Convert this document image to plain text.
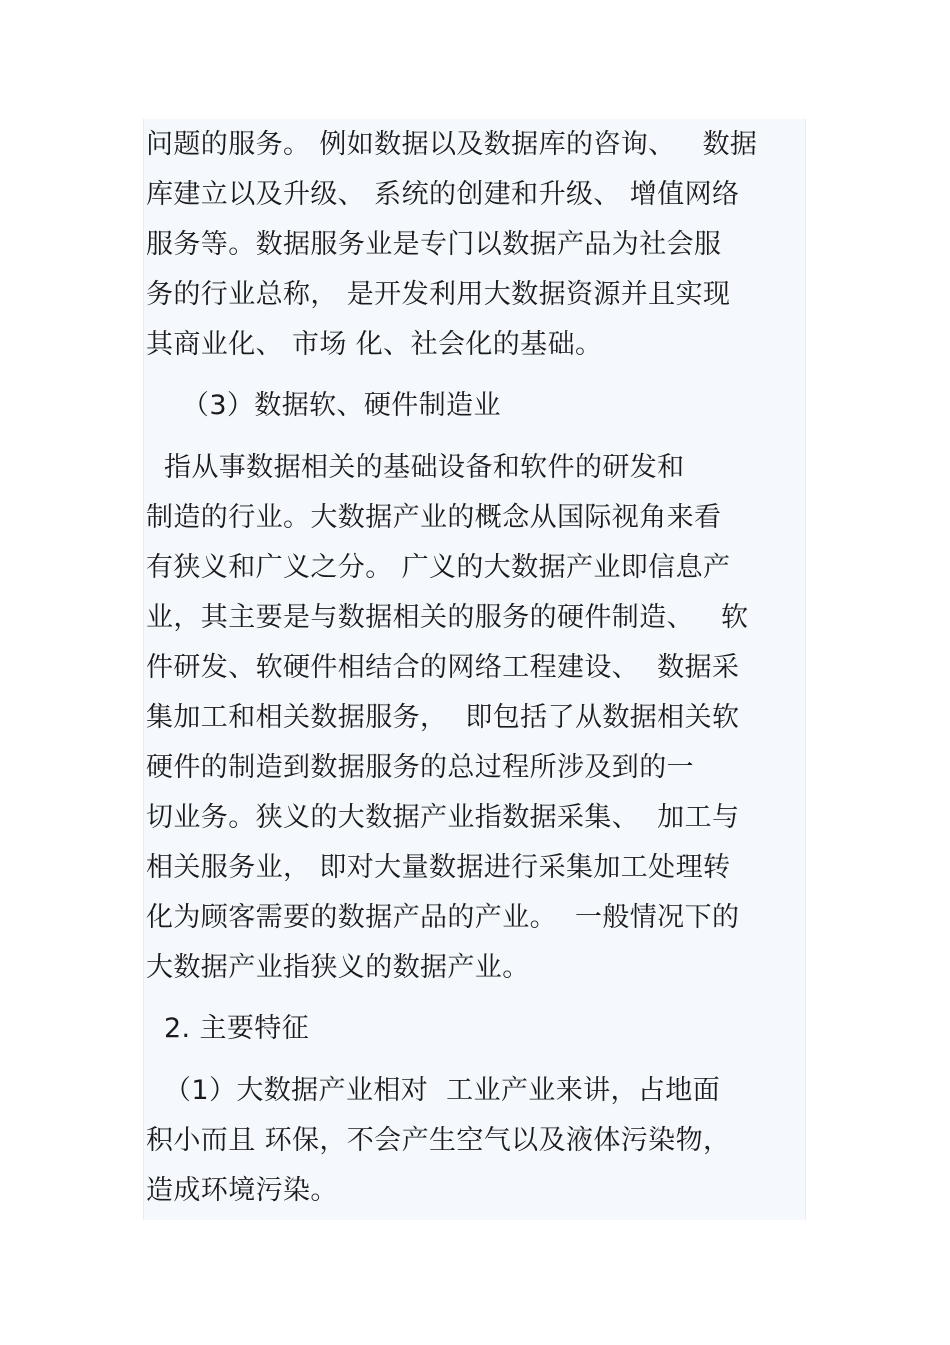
问题的服务。 例如数据以及数据库的咨询、   数据
库建立以及升级、 系统的创建和升级、 增值网络
服务等。数据服务业是专门以数据产品为社会服
务的行业总称， 是开发利用大数据资源并且实现
其商业化、 市场 化、社会化的基础。
（3）数据软、硬件制造业
指从事数据相关的基础设备和软件的研发和
制造的行业。大数据产业的概念从国际视角来看
有狭义和广义之分。 广义的大数据产业即信息产
业，其主要是与数据相关的服务的硬件制造、   软
件研发、软硬件相结合的网络工程建设、  数据采
集加工和相关数据服务，  即包括了从数据相关软
硬件的制造到数据服务的总过程所涉及到的一
切业务。狭义的大数据产业指数据采集、  加工与
相关服务业， 即对大量数据进行采集加工处理转
化为顾客需要的数据产品的产业。  一般情况下的
大数据产业指狭义的数据产业。
2. 主要特征
（1）大数据产业相对  工业产业来讲，占地面
积小而且 环保，不会产生空气以及液体污染物，
造成环境污染。
